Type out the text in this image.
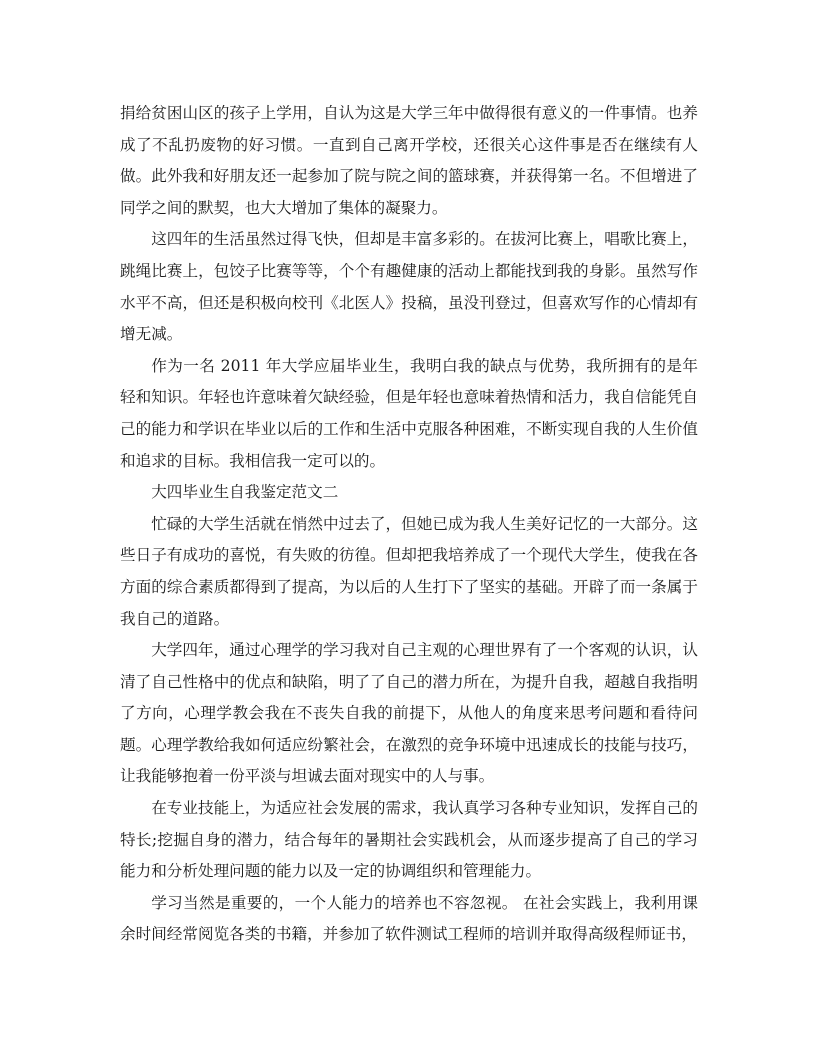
捐给贫困山区的孩子上学用，自认为这是大学三年中做得很有意义的一件事情。也养成了不乱扔废物的好习惯。一直到自己离开学校，还很关心这件事是否在继续有人做。此外我和好朋友还一起参加了院与院之间的篮球赛，并获得第一名。不但增进了同学之间的默契，也大大增加了集体的凝聚力。

这四年的生活虽然过得飞快，但却是丰富多彩的。在拔河比赛上，唱歌比赛上，跳绳比赛上，包饺子比赛等等，个个有趣健康的活动上都能找到我的身影。虽然写作水平不高，但还是积极向校刊《北医人》投稿，虽没刊登过，但喜欢写作的心情却有增无减。

作为一名 2011 年大学应届毕业生，我明白我的缺点与优势，我所拥有的是年轻和知识。年轻也许意味着欠缺经验，但是年轻也意味着热情和活力，我自信能凭自己的能力和学识在毕业以后的工作和生活中克服各种困难，不断实现自我的人生价值和追求的目标。我相信我一定可以的。

大四毕业生自我鉴定范文二

忙碌的大学生活就在悄然中过去了，但她已成为我人生美好记忆的一大部分。这些日子有成功的喜悦，有失败的彷徨。但却把我培养成了一个现代大学生，使我在各方面的综合素质都得到了提高，为以后的人生打下了坚实的基础。开辟了而一条属于我自己的道路。

大学四年，通过心理学的学习我对自己主观的心理世界有了一个客观的认识，认清了自己性格中的优点和缺陷，明了了自己的潜力所在，为提升自我，超越自我指明了方向，心理学教会我在不丧失自我的前提下，从他人的角度来思考问题和看待问题。心理学教给我如何适应纷繁社会，在激烈的竞争环境中迅速成长的技能与技巧，让我能够抱着一份平淡与坦诚去面对现实中的人与事。

在专业技能上，为适应社会发展的需求，我认真学习各种专业知识，发挥自己的特长;挖掘自身的潜力，结合每年的暑期社会实践机会，从而逐步提高了自己的学习能力和分析处理问题的能力以及一定的协调组织和管理能力。

学习当然是重要的，一个人能力的培养也不容忽视。 在社会实践上，我利用课余时间经常阅览各类的书籍，并参加了软件测试工程师的培训并取得高级程师证书，
